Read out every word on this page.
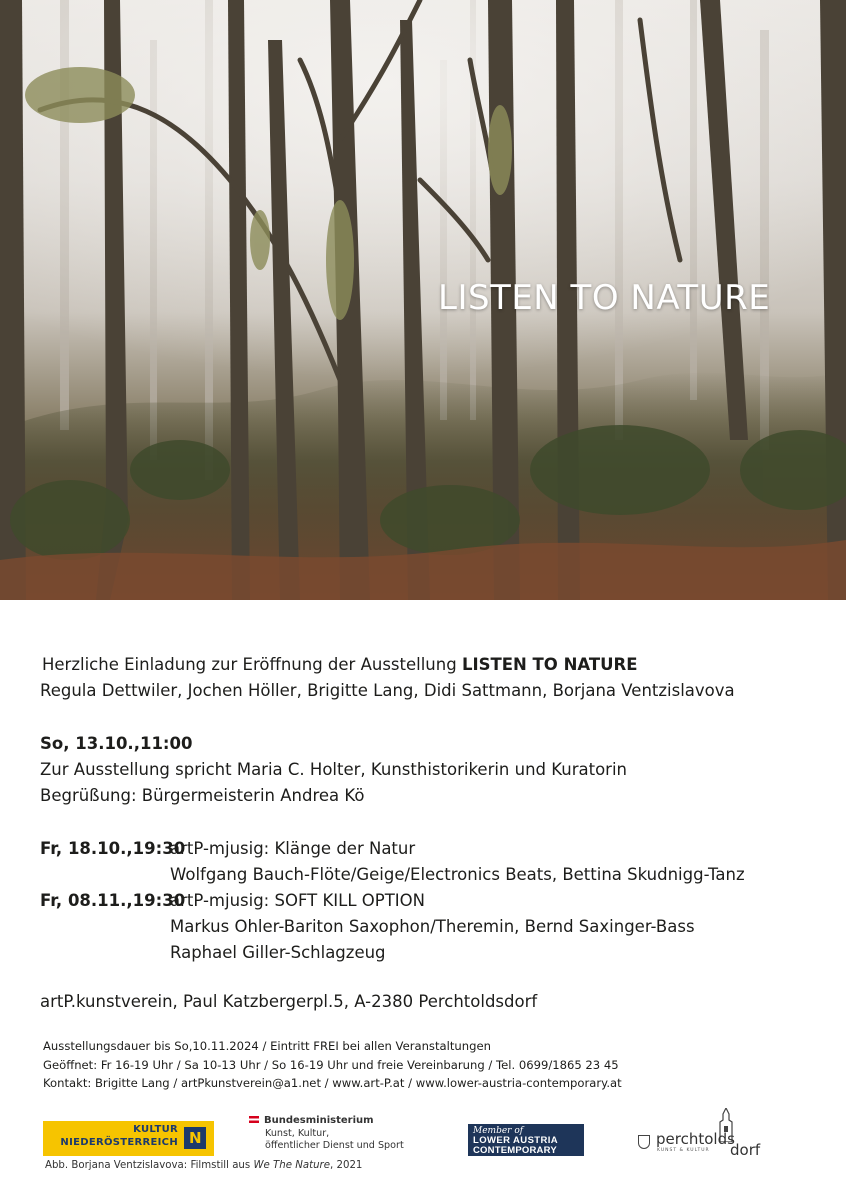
LISTEN TO NATURE
Herzliche Einladung zur Eröffnung der Ausstellung LISTEN TO NATURE
Regula Dettwiler, Jochen Höller, Brigitte Lang, Didi Sattmann, Borjana Ventzislavova
So, 13.10.,11:00
Zur Ausstellung spricht Maria C. Holter, Kunsthistorikerin und Kuratorin
Begrüßung: Bürgermeisterin Andrea Kö
Fr, 18.10.,19:30
artP-mjusig: Klänge der Natur
Wolfgang Bauch-Flöte/Geige/Electronics Beats, Bettina Skudnigg-Tanz
Fr, 08.11.,19:30
artP-mjusig: SOFT KILL OPTION
Markus Ohler-Bariton Saxophon/Theremin, Bernd Saxinger-Bass
Raphael Giller-Schlagzeug
artP.kunstverein, Paul Katzbergerpl.5, A-2380 Perchtoldsdorf
Ausstellungsdauer bis So,10.11.2024 / Eintritt FREI bei allen Veranstaltungen
Geöffnet: Fr 16-19 Uhr / Sa 10-13 Uhr / So 16-19 Uhr und freie Vereinbarung / Tel. 0699/1865 23 45
Kontakt: Brigitte Lang / artPkunstverein@a1.net / www.art-P.at / www.lower-austria-contemporary.at
KULTUR
NIEDERÖSTERREICH N
Bundesministerium
Kunst, Kultur,
öffentlicher Dienst und Sport
Member of
LOWER AUSTRIA
CONTEMPORARY
perchtolds
dorf
KUNST & KULTUR
Abb. Borjana Ventzislavova: Filmstill aus We The Nature, 2021
